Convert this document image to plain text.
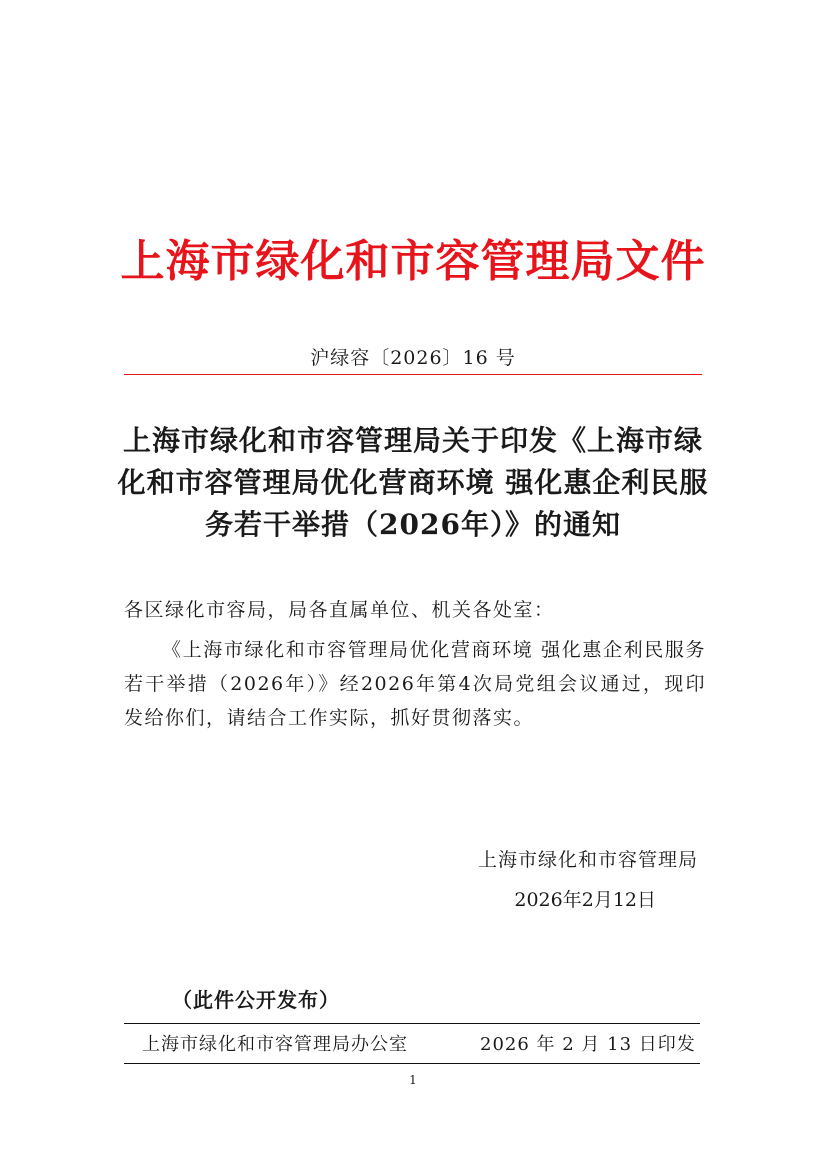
上海市绿化和市容管理局文件
沪绿容〔2026〕16 号
上海市绿化和市容管理局关于印发《上海市绿化和市容管理局优化营商环境 强化惠企利民服务若干举措（2026年）》的通知
各区绿化市容局，局各直属单位、机关各处室：
《上海市绿化和市容管理局优化营商环境 强化惠企利民服务若干举措（2026年）》经2026年第4次局党组会议通过，现印发给你们，请结合工作实际，抓好贯彻落实。
上海市绿化和市容管理局
2026年2月12日
（此件公开发布）
上海市绿化和市容管理局办公室	2026 年 2 月 13 日印发
1
